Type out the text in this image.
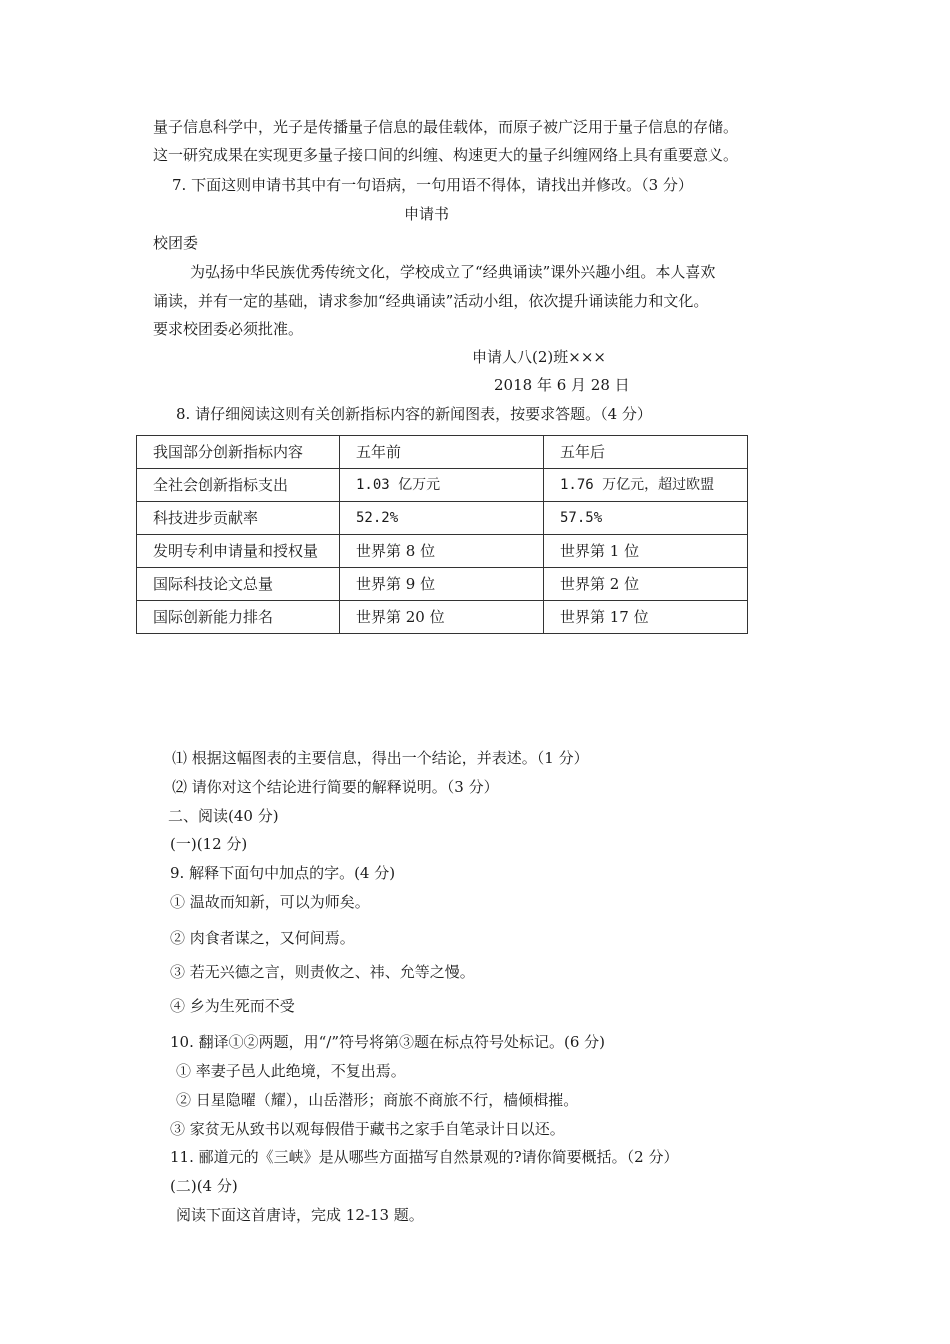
量子信息科学中，光子是传播量子信息的最佳载体，而原子被广泛用于量子信息的存储。
这一研究成果在实现更多量子接口间的纠缠、构速更大的量子纠缠网络上具有重要意义。
7. 下面这则申请书其中有一句语病，一句用语不得体，请找出并修改。（3 分）
申请书
校团委
为弘扬中华民族优秀传统文化，学校成立了“经典诵读”课外兴趣小组。本人喜欢
诵读，并有一定的基础，请求参加“经典诵读”活动小组，依次提升诵读能力和文化。
要求校团委必须批准。
申请人八(2)班×××
2018 年 6 月 28 日
8. 请仔细阅读这则有关创新指标内容的新闻图表，按要求答题。（4 分）
我国部分创新指标内容	五年前	五年后
全社会创新指标支出	1.03 亿万元	1.76 万亿元，超过欧盟
科技进步贡献率	52.2%	57.5%
发明专利申请量和授权量	世界第 8 位	世界第 1 位
国际科技论文总量	世界第 9 位	世界第 2 位
国际创新能力排名	世界第 20 位	世界第 17 位
⑴ 根据这幅图表的主要信息，得出一个结论，并表述。（1 分）
⑵ 请你对这个结论进行简要的解释说明。（3 分）
二、阅读(40 分)
(一)(12 分)
9. 解释下面句中加点的字。(4 分)
① 温故而知新，可以为师矣。
② 肉食者谋之，又何间焉。
③ 若无兴德之言，则责攸之、祎、允等之慢。
④ 乡为生死而不受
10. 翻译①②两题，用“/”符号将第③题在标点符号处标记。(6 分)
① 率妻子邑人此绝境，不复出焉。
② 日星隐曜（耀），山岳潜形；商旅不商旅不行，樯倾楫摧。
③ 家贫无从致书以观每假借于藏书之家手自笔录计日以还。
11. 郦道元的《三峡》是从哪些方面描写自然景观的?请你简要概括。（2 分）
(二)(4 分)
阅读下面这首唐诗，完成 12-13 题。
